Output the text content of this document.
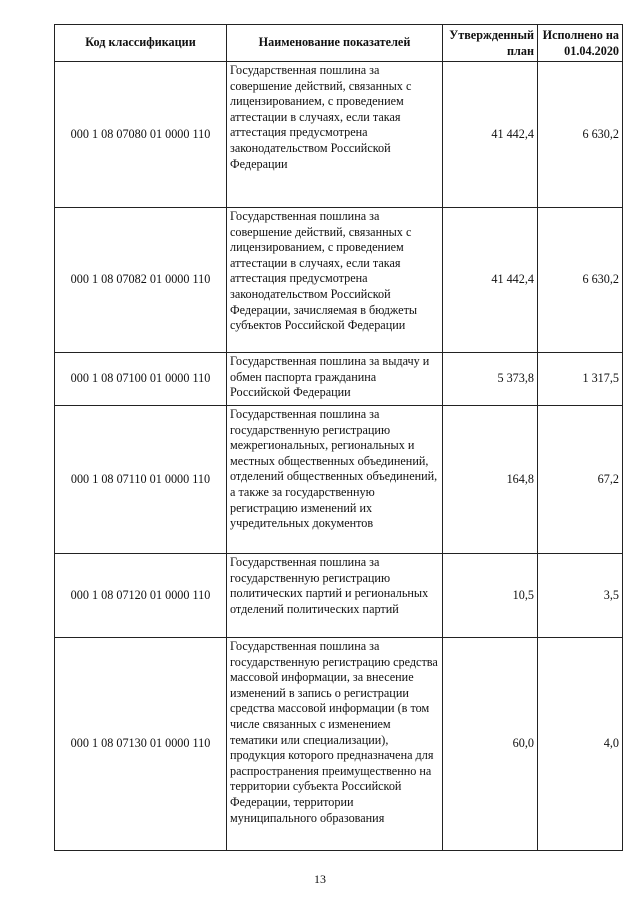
Код классификации	Наименование показателей	Утвержденный план	Исполнено на 01.04.2020
000 1 08 07080 01 0000 110	Государственная пошлина за совершение действий, связанных с лицензированием, с проведением аттестации в случаях, если такая аттестация предусмотрена законодательством Российской Федерации	41 442,4	6 630,2
000 1 08 07082 01 0000 110	Государственная пошлина за совершение действий, связанных с лицензированием, с проведением аттестации в случаях, если такая аттестация предусмотрена законодательством Российской Федерации, зачисляемая в бюджеты субъектов Российской Федерации	41 442,4	6 630,2
000 1 08 07100 01 0000 110	Государственная пошлина за выдачу и обмен паспорта гражданина Российской Федерации	5 373,8	1 317,5
000 1 08 07110 01 0000 110	Государственная пошлина за государственную регистрацию межрегиональных, региональных и местных общественных объединений, отделений общественных объединений, а также за государственную регистрацию изменений их учредительных документов	164,8	67,2
000 1 08 07120 01 0000 110	Государственная пошлина за государственную регистрацию политических партий и региональных отделений политических партий	10,5	3,5
000 1 08 07130 01 0000 110	Государственная пошлина за государственную регистрацию средства массовой информации, за внесение изменений в запись о регистрации средства массовой информации (в том числе связанных с изменением тематики или специализации), продукция которого предназначена для распространения преимущественно на территории субъекта Российской Федерации, территории муниципального образования	60,0	4,0
13
